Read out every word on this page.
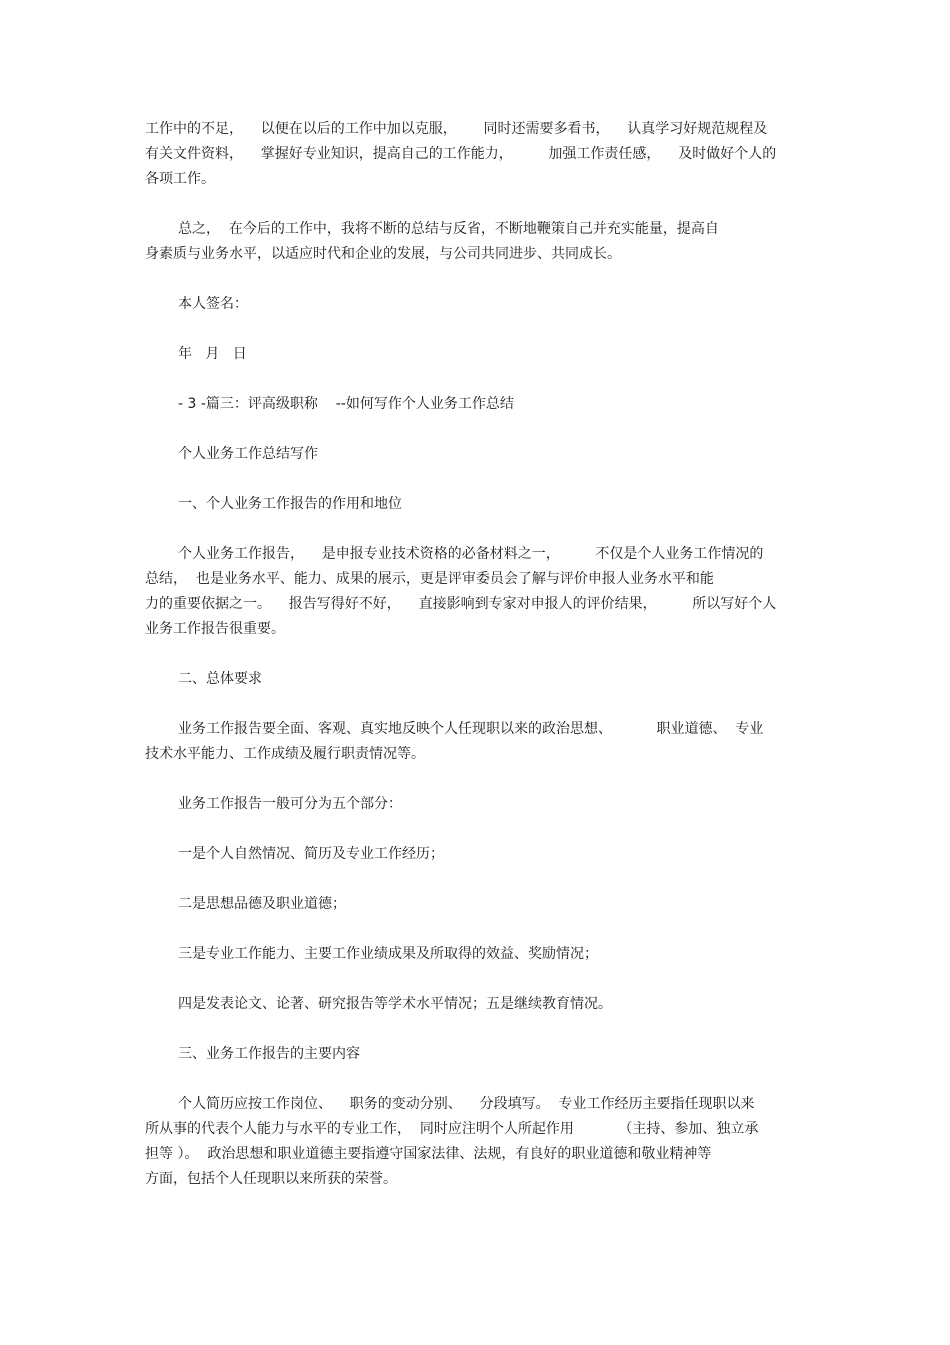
工作中的不足，    以便在以后的工作中加以克服，      同时还需要多看书，    认真学习好规范规程及

有关文件资料，    掌握好专业知识，提高自己的工作能力，        加强工作责任感，    及时做好个人的

各项工作。

总之，  在今后的工作中，我将不断的总结与反省，不断地鞭策自己并充实能量，提高自

身素质与业务水平，以适应时代和企业的发展，与公司共同进步、共同成长。

本人签名：

年   月   日

- 3 -篇三：评高级职称    --如何写作个人业务工作总结

个人业务工作总结写作

一、个人业务工作报告的作用和地位

个人业务工作报告，    是申报专业技术资格的必备材料之一，        不仅是个人业务工作情况的

总结，  也是业务水平、能力、成果的展示，更是评审委员会了解与评价申报人业务水平和能

力的重要依据之一。    报告写得好不好，    直接影响到专家对申报人的评价结果，        所以写好个人

业务工作报告很重要。

二、总体要求

业务工作报告要全面、客观、真实地反映个人任现职以来的政治思想、          职业道德、  专业

技术水平能力、工作成绩及履行职责情况等。

业务工作报告一般可分为五个部分：

一是个人自然情况、简历及专业工作经历；

二是思想品德及职业道德；

三是专业工作能力、主要工作业绩成果及所取得的效益、奖励情况；

四是发表论文、论著、研究报告等学术水平情况；五是继续教育情况。

三、业务工作报告的主要内容

个人简历应按工作岗位、    职务的变动分别、    分段填写。  专业工作经历主要指任现职以来

所从事的代表个人能力与水平的专业工作，  同时应注明个人所起作用          （主持、参加、独立承

担等 ）。  政治思想和职业道德主要指遵守国家法律、法规，有良好的职业道德和敬业精神等

方面，包括个人任现职以来所获的荣誉。
